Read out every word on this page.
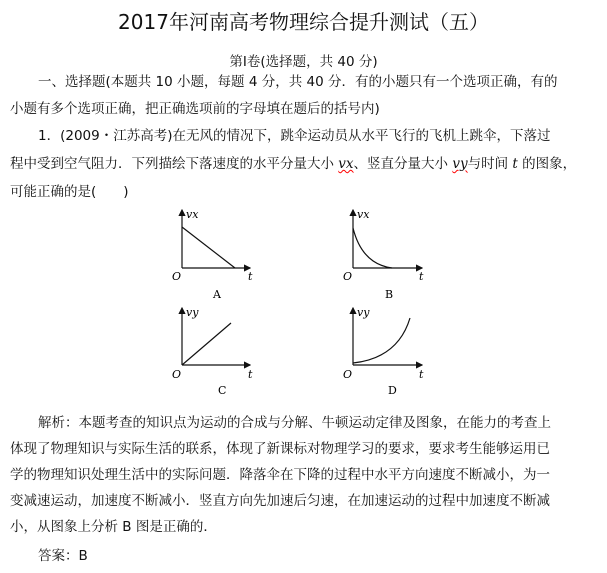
2017年河南高考物理综合提升测试（五）
第Ⅰ卷(选择题，共 40 分)
一、选择题(本题共 10 小题，每题 4 分，共 40 分．有的小题只有一个选项正确，有的
小题有多个选项正确，把正确选项前的字母填在题后的括号内)
1．(2009・江苏高考)在无风的情况下，跳伞运动员从水平飞行的飞机上跳伞，下落过
程中受到空气阻力．下列描绘下落速度的水平分量大小 vx、竖直分量大小 vy与时间 t 的图象，
可能正确的是(　　)
vx
O	t
A
vx
O	t
B
vy
O	t
C
vy
O	t
D
解析：本题考查的知识点为运动的合成与分解、牛顿运动定律及图象，在能力的考查上
体现了物理知识与实际生活的联系，体现了新课标对物理学习的要求，要求考生能够运用已
学的物理知识处理生活中的实际问题．降落伞在下降的过程中水平方向速度不断减小，为一
变减速运动，加速度不断减小．竖直方向先加速后匀速，在加速运动的过程中加速度不断减
小，从图象上分析 B 图是正确的．
答案：B
